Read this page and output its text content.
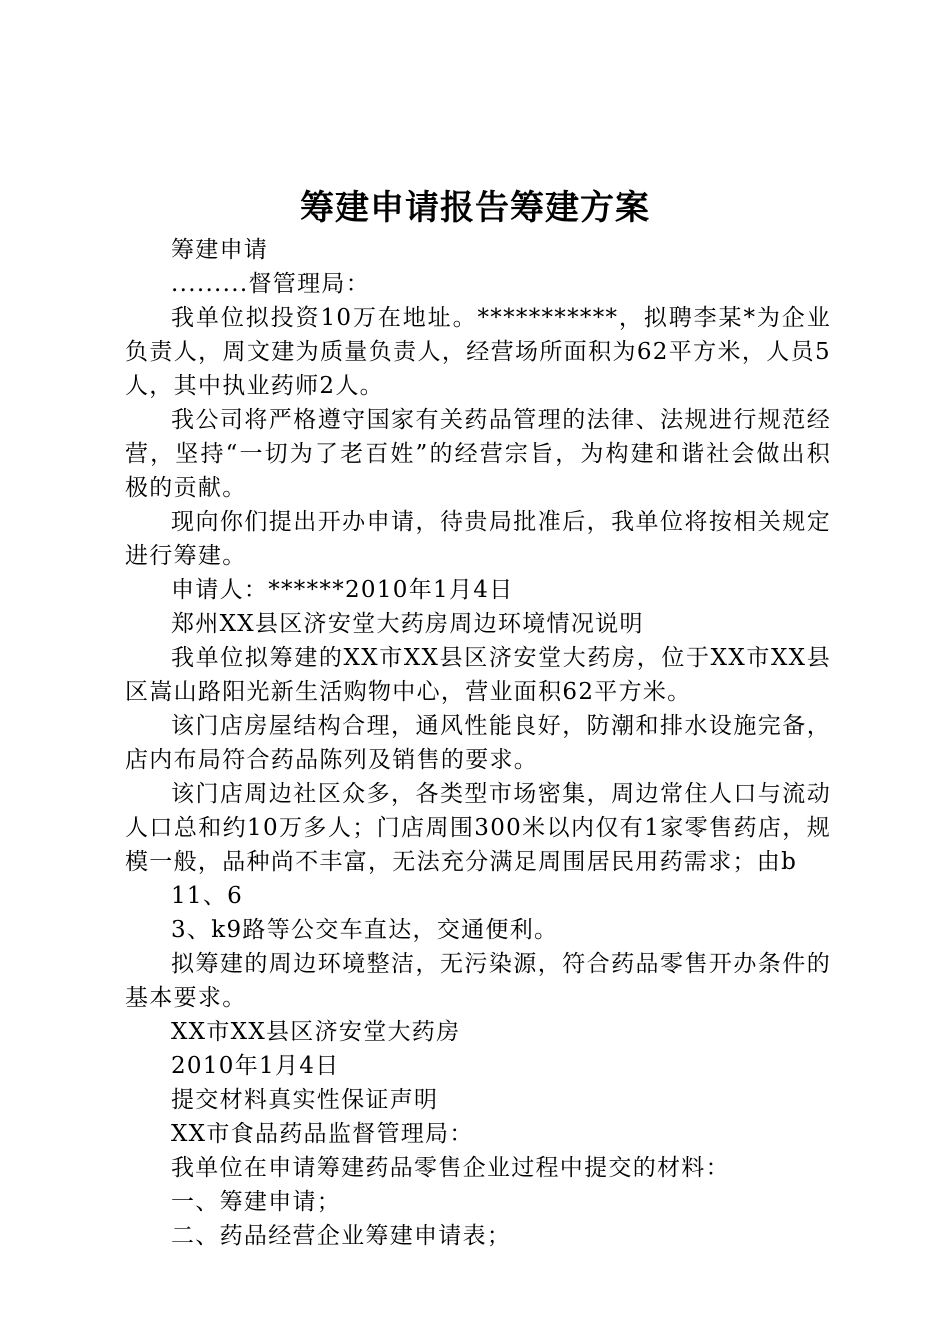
筹建申请报告筹建方案

筹建申请

.........督管理局：

我单位拟投资10万在地址。***********，拟聘李某*为企业负责人，周文建为质量负责人，经营场所面积为62平方米，人员5人，其中执业药师2人。

我公司将严格遵守国家有关药品管理的法律、法规进行规范经营，坚持“一切为了老百姓”的经营宗旨，为构建和谐社会做出积极的贡献。

现向你们提出开办申请，待贵局批准后，我单位将按相关规定进行筹建。

申请人：******2010年1月4日

郑州XX县区济安堂大药房周边环境情况说明

我单位拟筹建的XX市XX县区济安堂大药房，位于XX市XX县区嵩山路阳光新生活购物中心，营业面积62平方米。

该门店房屋结构合理，通风性能良好，防潮和排水设施完备，店内布局符合药品陈列及销售的要求。

该门店周边社区众多，各类型市场密集，周边常住人口与流动人口总和约10万多人；门店周围300米以内仅有1家零售药店，规模一般，品种尚不丰富，无法充分满足周围居民用药需求；由b

11、6

3、k9路等公交车直达，交通便利。

拟筹建的周边环境整洁，无污染源，符合药品零售开办条件的基本要求。

XX市XX县区济安堂大药房

2010年1月4日

提交材料真实性保证声明

XX市食品药品监督管理局：

我单位在申请筹建药品零售企业过程中提交的材料：

一、筹建申请；

二、药品经营企业筹建申请表；
